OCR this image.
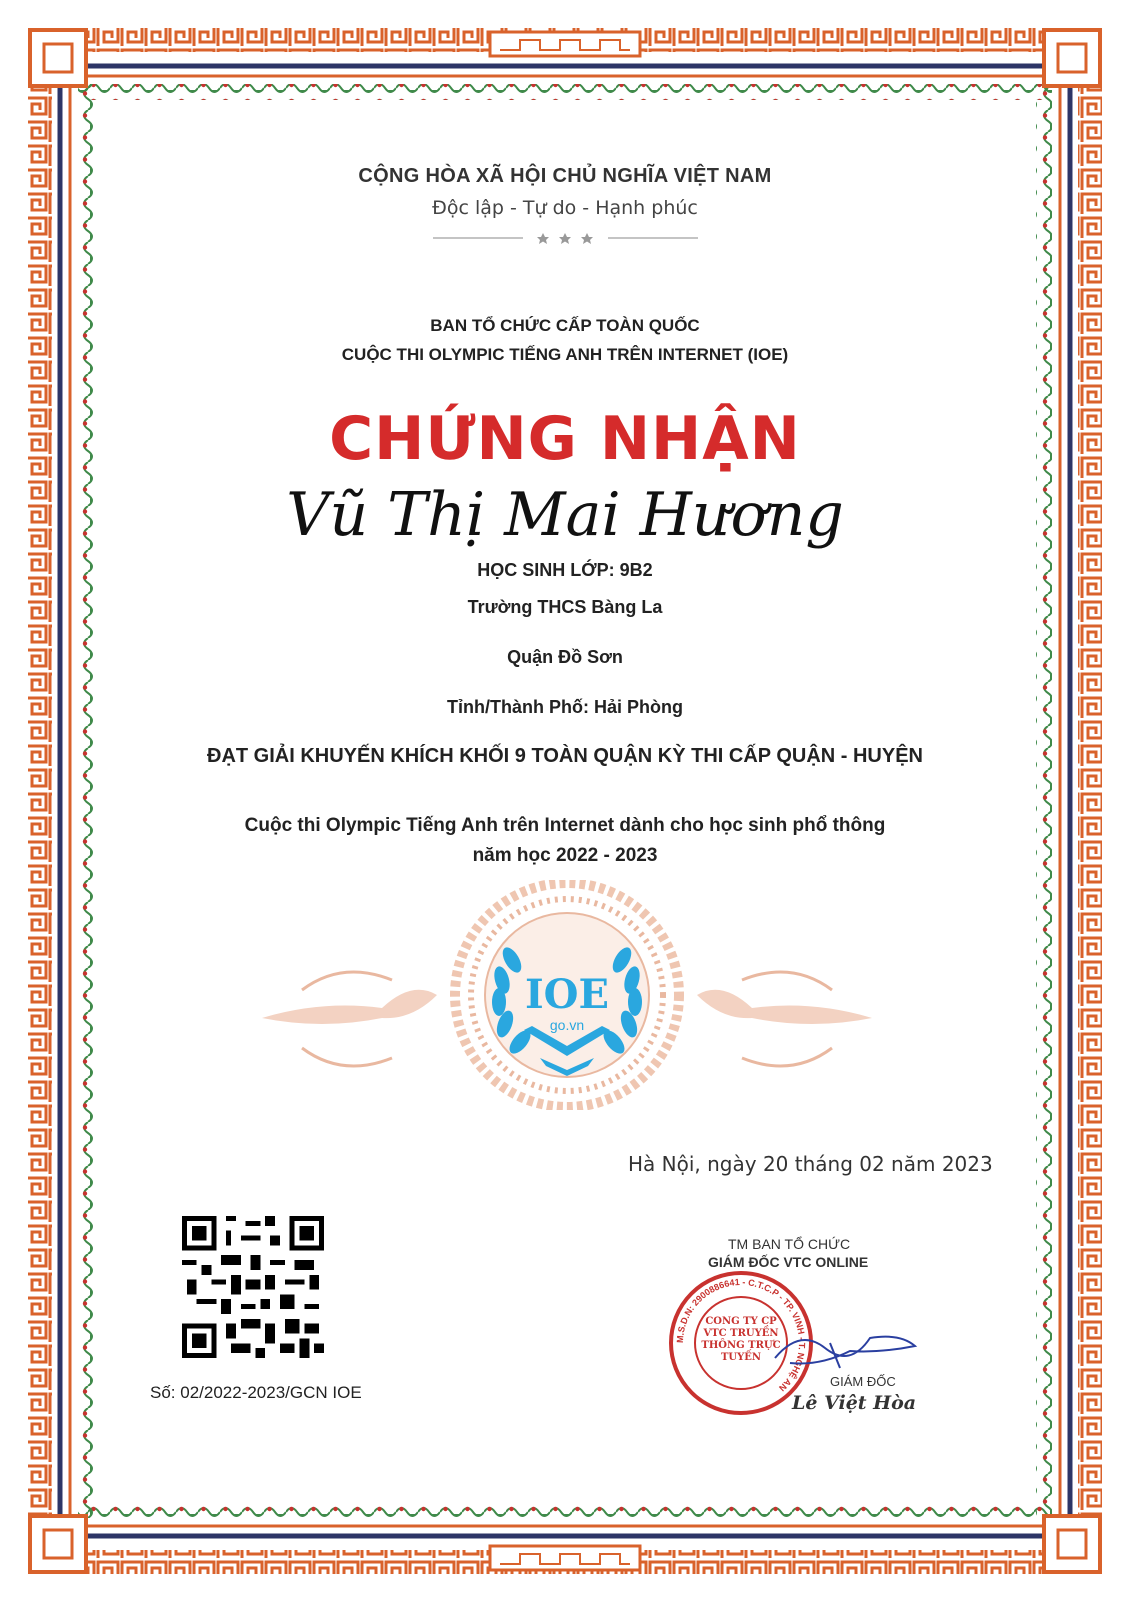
CỘNG HÒA XÃ HỘI CHỦ NGHĨA VIỆT NAM
Độc lập - Tự do - Hạnh phúc
BAN TỔ CHỨC CẤP TOÀN QUỐC
CUỘC THI OLYMPIC TIẾNG ANH TRÊN INTERNET (IOE)
CHỨNG NHẬN
Vũ Thị Mai Hương
HỌC SINH LỚP: 9B2
Trường THCS Bàng La
Quận Đồ Sơn
Tỉnh/Thành Phố: Hải Phòng
ĐẠT GIẢI KHUYẾN KHÍCH KHỐI 9 TOÀN QUẬN KỲ THI CẤP QUẬN - HUYỆN
Cuộc thi Olympic Tiếng Anh trên Internet dành cho học sinh phổ thông
năm học 2022 - 2023
IOE
go.vn
Hà Nội, ngày 20 tháng 02 năm 2023
Số: 02/2022-2023/GCN IOE
TM BAN TỔ CHỨC
GIÁM ĐỐC VTC ONLINE
M.S.D.N: 2900886641 - C.T.C.P - TP. VINH - T. NGHỆ AN
CÔNG TY CP VTC TRUYỀN THÔNG TRỰC TUYẾN
GIÁM ĐỐC
Lê Việt Hòa
